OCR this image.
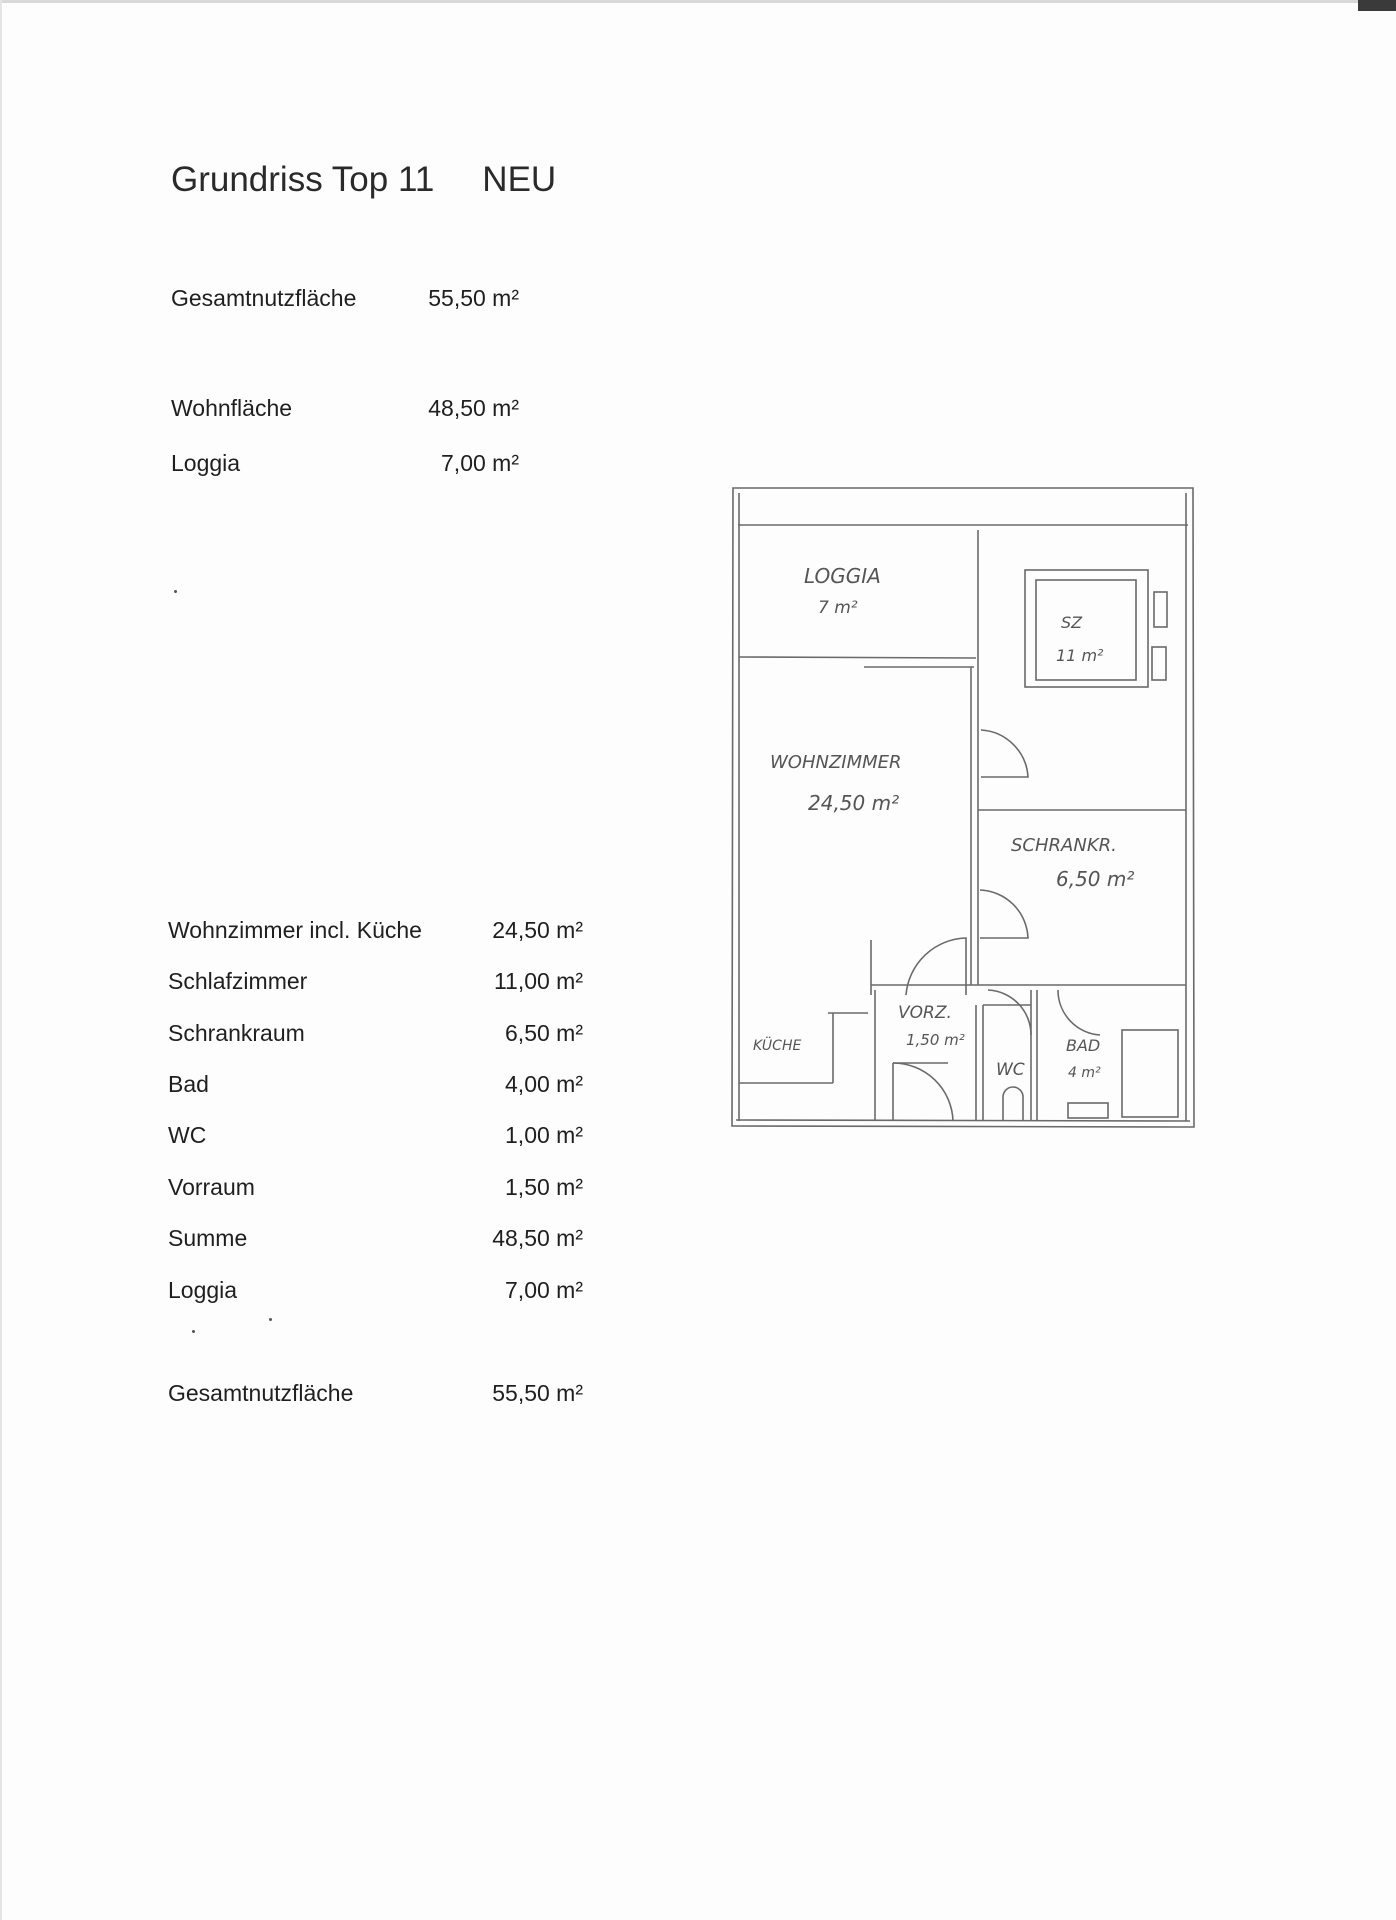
Grundriss Top 11 NEU
Gesamtnutzfläche	55,50 m²
Wohnfläche	48,50 m²
Loggia	7,00 m²
Wohnzimmer incl. Küche	24,50 m²
Schlafzimmer	11,00 m²
Schrankraum	6,50 m²
Bad	4,00 m²
WC	1,00 m²
Vorraum	1,50 m²
Summe	48,50 m²
Loggia	7,00 m²
Gesamtnutzfläche	55,50 m²
LOGGIA
7 m²
SZ
11 m²
WOHNZIMMER
24,50 m²
SCHRANKR.
6,50 m²
KÜCHE
VORZ.
1,50 m²
WC
BAD
4 m²
